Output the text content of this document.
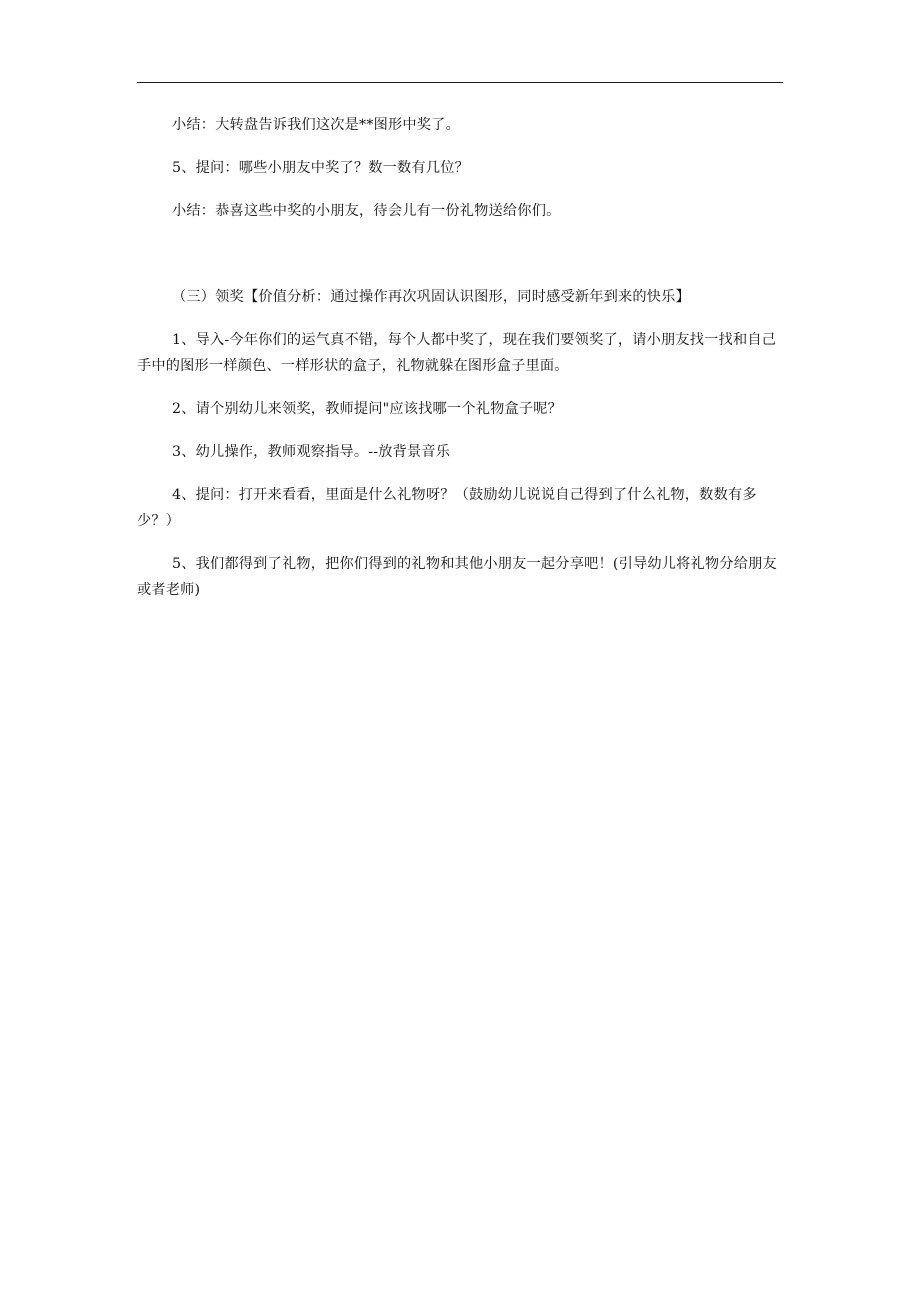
小结：大转盘告诉我们这次是**图形中奖了。

5、提问：哪些小朋友中奖了？数一数有几位？

小结：恭喜这些中奖的小朋友，待会儿有一份礼物送给你们。

（三）领奖【价值分析：通过操作再次巩固认识图形，同时感受新年到来的快乐】

1、导入-今年你们的运气真不错，每个人都中奖了，现在我们要领奖了，请小朋友找一找和自己手中的图形一样颜色、一样形状的盒子，礼物就躲在图形盒子里面。

2、请个别幼儿来领奖，教师提问"应该找哪一个礼物盒子呢？

3、幼儿操作，教师观察指导。--放背景音乐

4、提问：打开来看看，里面是什么礼物呀？（鼓励幼儿说说自己得到了什么礼物，数数有多少？）

5、我们都得到了礼物，把你们得到的礼物和其他小朋友一起分享吧！(引导幼儿将礼物分给朋友或者老师)
